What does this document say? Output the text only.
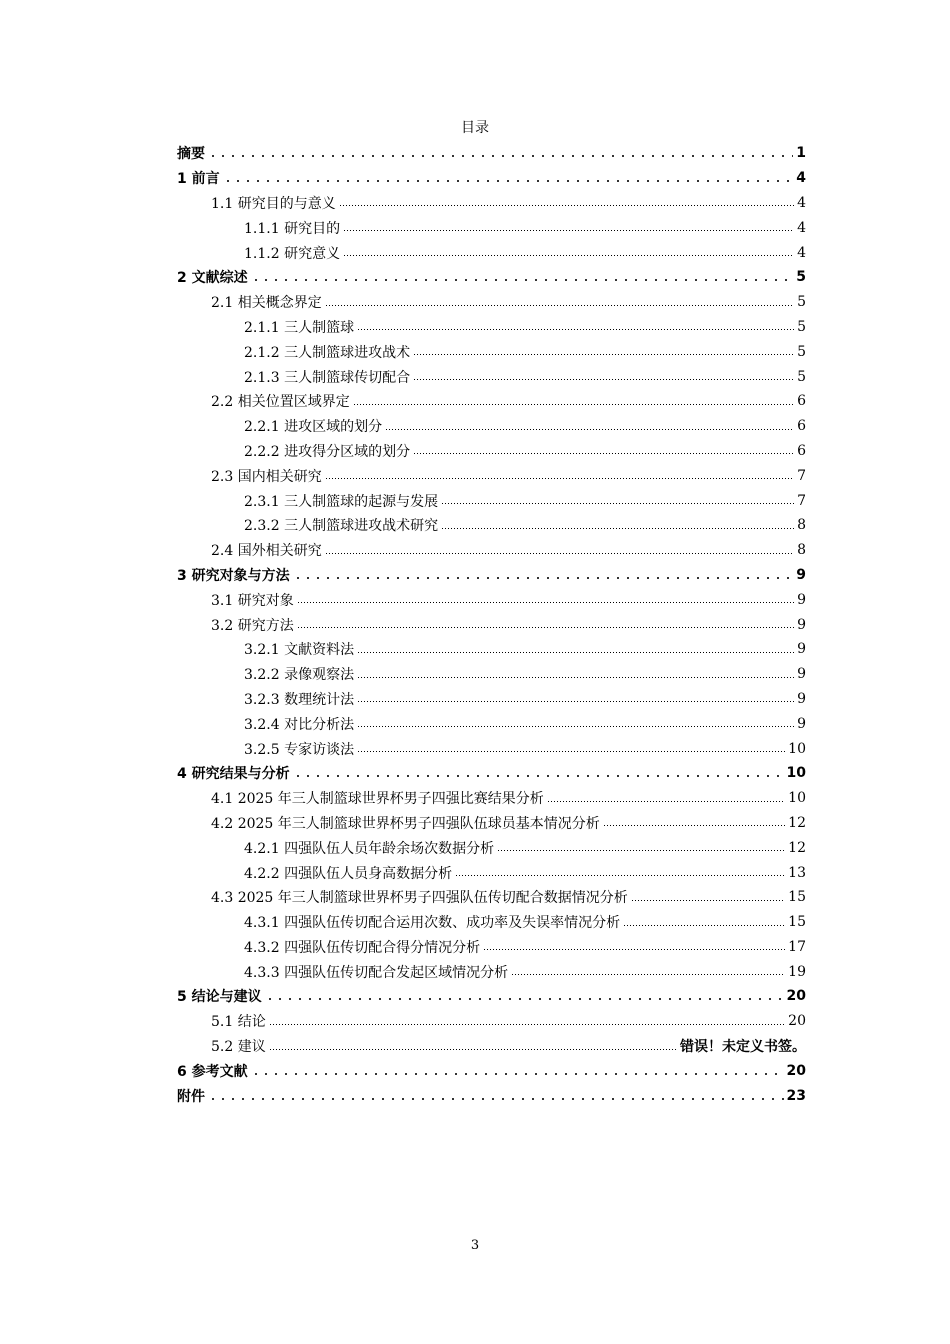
目录
摘要	1
1 前言	4
1.1 研究目的与意义	4
1.1.1 研究目的	4
1.1.2 研究意义	4
2 文献综述	5
2.1 相关概念界定	5
2.1.1 三人制篮球	5
2.1.2 三人制篮球进攻战术	5
2.1.3 三人制篮球传切配合	5
2.2 相关位置区域界定	6
2.2.1 进攻区域的划分	6
2.2.2 进攻得分区域的划分	6
2.3 国内相关研究	7
2.3.1 三人制篮球的起源与发展	7
2.3.2 三人制篮球进攻战术研究	8
2.4 国外相关研究	8
3 研究对象与方法	9
3.1 研究对象	9
3.2 研究方法	9
3.2.1 文献资料法	9
3.2.2 录像观察法	9
3.2.3 数理统计法	9
3.2.4 对比分析法	9
3.2.5 专家访谈法	10
4 研究结果与分析	10
4.1 2025 年三人制篮球世界杯男子四强比赛结果分析	10
4.2 2025 年三人制篮球世界杯男子四强队伍球员基本情况分析	12
4.2.1 四强队伍人员年龄余场次数据分析	12
4.2.2 四强队伍人员身高数据分析	13
4.3 2025 年三人制篮球世界杯男子四强队伍传切配合数据情况分析	15
4.3.1 四强队伍传切配合运用次数、成功率及失误率情况分析	15
4.3.2 四强队伍传切配合得分情况分析	17
4.3.3 四强队伍传切配合发起区域情况分析	19
5 结论与建议	20
5.1 结论	20
5.2 建议	错误！未定义书签。
6 参考文献	20
附件	23
3
